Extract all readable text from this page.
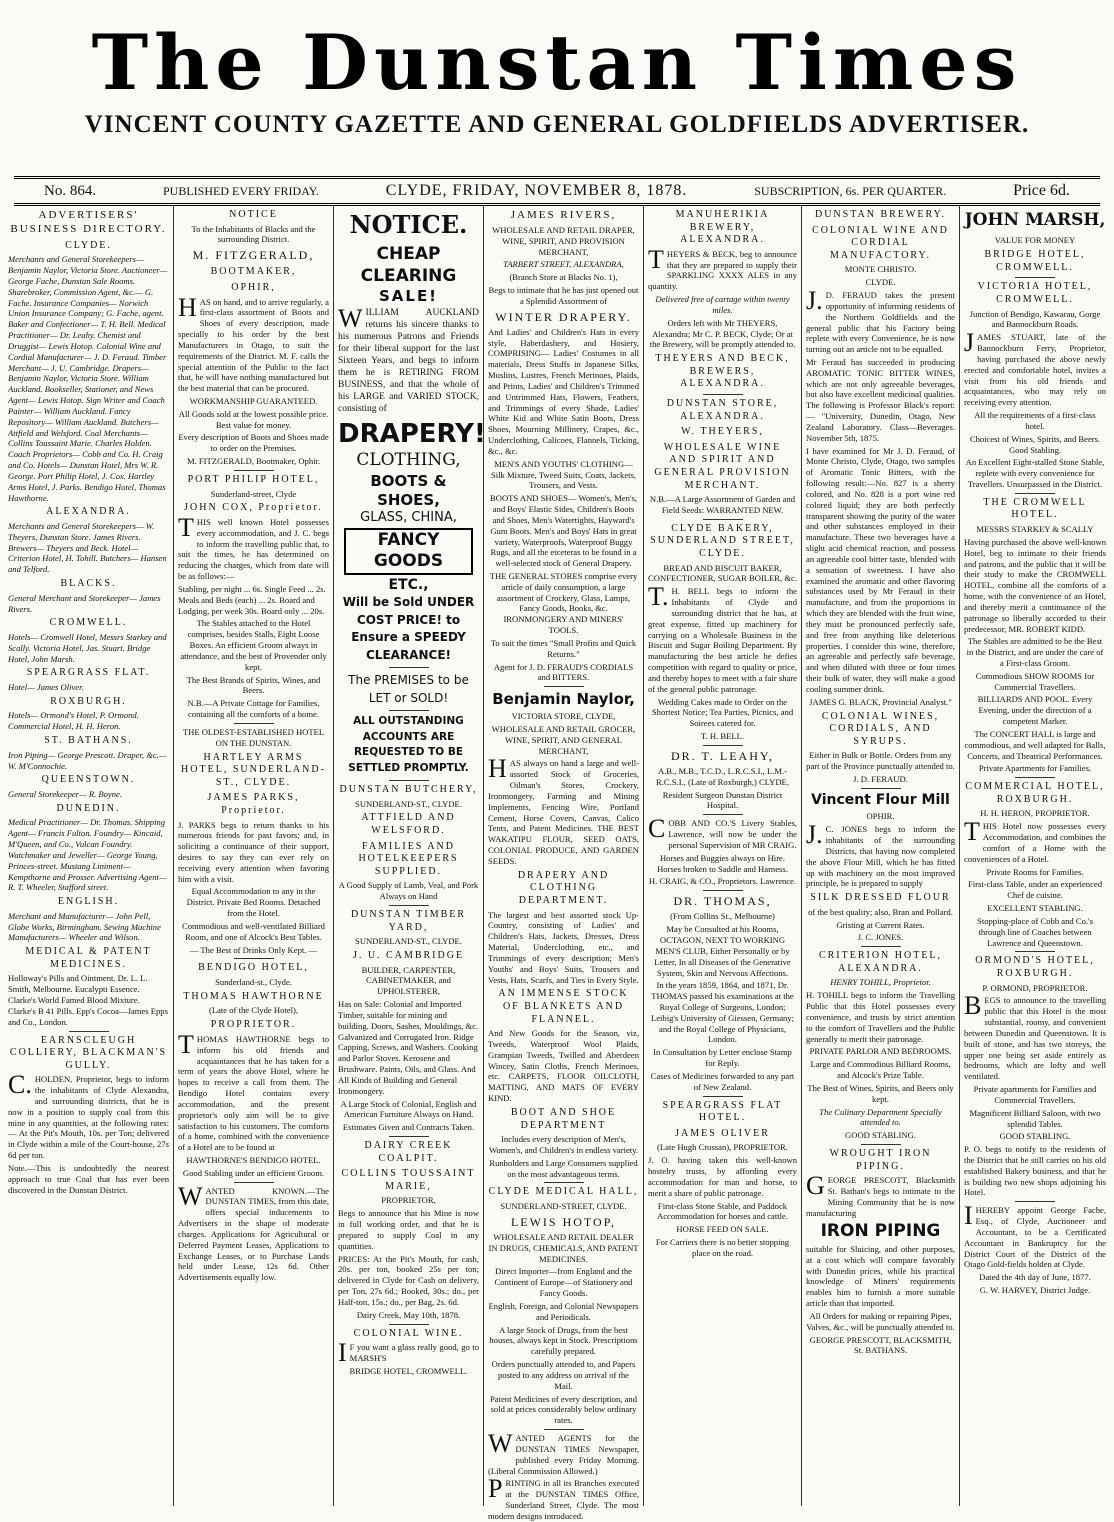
The Dunstan Times
VINCENT COUNTY GAZETTE AND GENERAL GOLDFIELDS ADVERTISER.
No. 864.	PUBLISHED EVERY FRIDAY.	CLYDE, FRIDAY, NOVEMBER 8, 1878.	SUBSCRIPTION, 6s. PER QUARTER.	Price 6d.
ADVERTISERS' BUSINESS DIRECTORY.
CLYDE.

Merchants and General Storekeepers— Benjamin Naylor, Victoria Store. Auctioneer— George Fache, Dunstan Sale Rooms. Sharebroker, Commission Agent, &c.— G. Fache. Insurance Companies— Norwich Union Insurance Company; G. Fache, agent. Baker and Confectioner— T. H. Bell. Medical Practitioner— Dr. Leahy. Chemist and Druggist— Lewis Hotop. Colonial Wine and Cordial Manufacturer— J. D. Feraud. Timber Merchant— J. U. Cambridge. Drapers— Benjamin Naylor, Victoria Store. William Auckland. Bookseller, Stationer, and News Agent— Lewis Hotop. Sign Writer and Coach Painter— William Auckland. Fancy Repository— William Auckland. Butchers— Attfield and Welsford. Coal Merchants— Collins Toussaint Marie. Charles Holden. Coach Proprietors— Cobb and Co. H. Craig and Co. Hotels— Dunstan Hotel, Mrs W. R. George. Port Philip Hotel, J. Cox. Hartley Arms Hotel, J. Parks. Bendigo Hotel, Thomas Hawthorne.

ALEXANDRA.

Merchants and General Storekeepers— W. Theyers, Dunstan Store. James Rivers. Brewers— Theyers and Beck. Hotel— Criterion Hotel, H. Tohill. Butchers— Hansen and Telford.

BLACKS.

General Merchant and Storekeeper— James Rivers.

CROMWELL.

Hotels— Cromwell Hotel, Messrs Starkey and Scally. Victoria Hotel, Jas. Stuart. Bridge Hotel, John Marsh.

SPEARGRASS FLAT.

Hotel— James Oliver.

ROXBURGH.

Hotels— Ormond's Hotel, P. Ormond. Commercial Hotel, H. H. Heron.

ST. BATHANS.

Iron Piping— George Prescott. Draper, &c.— W. M'Connochie.

QUEENSTOWN.

General Storekeeper— R. Boyne.

DUNEDIN.

Medical Practitioner— Dr. Thomas. Shipping Agent— Francis Fulton. Foundry— Kincaid, M'Queen, and Co., Vulcan Foundry. Watchmaker and Jeweller— George Young, Princes-street. Mustang Liniment— Kempthorne and Prosser. Advertising Agent— R. T. Wheeler, Stafford street.

ENGLISH.

Merchant and Manufacturer— John Pell, Globe Works, Birmingham. Sewing Machine Manufacturers— Wheeler and Wilson.

MEDICAL & PATENT MEDICINES.

Holloway's Pills and Ointment. Dr. L. L. Smith, Melbourne. Eucalypti Essence. Clarke's World Famed Blood Mixture. Clarke's B 41 Pills. Epp's Cocoa—James Epps and Co., London.

EARNSCLEUGH COLLIERY, BLACKMAN'S GULLY.

C.HOLDEN, Proprietor, begs to inform the inhabitants of Clyde Alexandra, and surrounding districts, that he is now in a position to supply coal from this mine in any quantities, at the following rates:— At the Pit's Mouth, 10s. per Ton; delivered in Clyde within a mile of the Court-house, 27s 6d per ton.

Note.—This is undoubtedly the nearest approach to true Coal that has ever been discovered in the Dunstan District.

NOTICE

To the Inhabitants of Blacks and the surrounding District.

M. FITZGERALD,
BOOTMAKER,
OPHIR,

HAS on hand, and to arrive regularly, a first-class assortment of Boots and Shoes of every description, made specially to his order by the best Manufacturers in Otago, to suit the requirements of the District. M. F. calls the special attention of the Public to the fact that, he will have nothing manufactured but the best material that can be procured.

WORKMANSHIP GUARANTEED.

All Goods sold at the lowest possible price. Best value for money.

Every description of Boots and Shoes made to order on the Premises.

M. FITZGERALD, Bootmaker, Ophir.

PORT PHILIP HOTEL,

Sunderland-street, Clyde

JOHN COX, Proprietor.

THIS well known Hotel possesses every accommodation, and J. C. begs to inform the travelling public that, to suit the times, he has determined on reducing the charges, which from date will be as follows:—

Stabling, per night ... 6s. Single Feed ... 2s. Meals and Beds (each) ... 2s. Board and Lodging, per week 30s. Board only ... 20s.

The Stables attached to the Hotel comprises, besides Stalls, Eight Loose Boxes. An efficient Groom always in attendance, and the best of Provender only kept.

The Best Brands of Spirits, Wines, and Beers.

N.B.—A Private Cottage for Families, containing all the comforts of a home.

THE OLDEST-ESTABLISHED HOTEL ON THE DUNSTAN.

HARTLEY ARMS HOTEL, SUNDERLAND-ST., CLYDE.
JAMES PARKS, Proprietor.

J. PARKS begs to return thanks to his numerous friends for past favors; and, in soliciting a continuance of their support, desires to say they can ever rely on receiving every attention when favoring him with a visit.

Equal Accommodation to any in the District. Private Bed Rooms. Detached from the Hotel.

Commodious and well-ventilated Billiard Room, and one of Alcock's Best Tables.

— The Best of Drinks Only Kept. —

BENDIGO HOTEL,

Sunderland-st., Clyde.

THOMAS HAWTHORNE

(Late of the Clyde Hotel),

PROPRIETOR.

THOMAS HAWTHORNE begs to inform his old friends and acquaintances that he has taken for a term of years the above Hotel, where he hopes to receive a call from them. The Bendigo Hotel contains every accommodation, and the present proprietor's only aim will be to give satisfaction to his customers. The comforts of a home, combined with the convenience of a Hotel are to be found at

HAWTHORNE'S BENDIGO HOTEL.

Good Stabling under an efficient Groom.

WANTED KNOWN.—The DUNSTAN TIMES, from this date, offers special inducements to Advertisers in the shape of moderate charges. Applications for Agricultural or Deferred Payment Leases, Applications to Exchange Leases, or to Purchase Lands held under Lease, 12s 6d. Other Advertisements equally low.

NOTICE.
CHEAP CLEARING
SALE!

WILLIAM AUCKLAND returns his sincere thanks to his numerous Patrons and Friends for their liberal support for the last Sixteen Years, and begs to inform them he is RETIRING FROM BUSINESS, and that the whole of his LARGE and VARIED STOCK, consisting of

DRAPERY!
CLOTHING,
BOOTS & SHOES,
GLASS, CHINA,
FANCY GOODS
ETC.,
Will be Sold UNDER COST PRICE! to Ensure a SPEEDY CLEARANCE!
The PREMISES to be LET or SOLD!
ALL OUTSTANDING ACCOUNTS ARE REQUESTED TO BE SETTLED PROMPTLY.
DUNSTAN BUTCHERY,

SUNDERLAND-ST., CLYDE.

ATTFIELD AND WELSFORD.
FAMILIES AND HOTELKEEPERS SUPPLIED.

A Good Supply of Lamb, Veal, and Pork Always on Hand

DUNSTAN TIMBER YARD,

SUNDERLAND-ST., CLYDE.

J. U. CAMBRIDGE

BUILDER, CARPENTER, CABINETMAKER, and UPHOLSTERER,

Has on Sale: Colonial and Imported Timber, suitable for mining and building. Doors, Sashes, Mouldings, &c. Galvanized and Corrugated Iron. Ridge Capping, Screws, and Washers. Cooking and Parlor Stoves. Kerosene and Brushware. Paints, Oils, and Glass. And All Kinds of Building and General Ironmongery.

A Large Stock of Colonial, English and American Furniture Always on Hand.

Estimates Given and Contracts Taken.

DAIRY CREEK COALPIT.
COLLINS TOUSSAINT MARIE,

PROPRIETOR,

Begs to announce that his Mine is now in full working order, and that he is prepared to supply Coal in any quantities.

PRICES: At the Pit's Mouth, for cash, 20s. per ton, booked 25s per ton; delivered in Clyde for Cash on delivery, per Ton, 27s 6d.; Booked, 30s.; do., per Half-ton, 15s.; do., per Bag, 2s. 6d.

Dairy Creek, May 10th, 1878.

COLONIAL WINE.

IF you want a glass really good, go to MARSH'S

BRIDGE HOTEL, CROMWELL.

JAMES RIVERS,

WHOLESALE AND RETAIL DRAPER, WINE, SPIRIT, AND PROVISION MERCHANT,

TARBERT STREET, ALEXANDRA,

(Branch Store at Blacks No. 1),

Begs to intimate that he has just opened out a Splendid Assortment of

WINTER DRAPERY.

And Ladies' and Children's Hats in every style, Haberdashery, and Hosiery, COMPRISING— Ladies' Costumes in all materials, Dress Stuffs in Japanese Silks, Muslins, Lustres, French Merinoes, Plaids, and Prints, Ladies' and Children's Trimmed and Untrimmed Hats, Flowers, Feathers, and Trimmings of every Shade, Ladies' White Kid and White Satin Boots, Dress Shoes, Mourning Millinery, Crapes, &c., Underclothing, Calicoes, Flannels, Ticking, &c., &c.

MEN'S AND YOUTHS' CLOTHING— Silk Mixture, Tweed Suits, Coats, Jackets, Trousers, and Vests.

BOOTS AND SHOES— Women's, Men's, and Boys' Elastic Sides, Children's Boots and Shoes, Men's Watertights, Hayward's Gum Boots. Men's and Boys' Hats in great variety, Waterproofs, Waterproof Buggy Rugs, and all the etceteras to be found in a well-selected stock of General Drapery.

THE GENERAL STORES comprise every article of daily consumption, a large assortment of Crockery, Glass, Lamps, Fancy Goods, Books, &c. IRONMONGERY AND MINERS' TOOLS.

To suit the times "Small Profits and Quick Returns."

Agent for J. D. FERAUD'S CORDIALS and BITTERS.

Benjamin Naylor,

VICTORIA STORE, CLYDE,

WHOLESALE AND RETAIL GROCER, WINE, SPIRIT, AND GENERAL MERCHANT,

HAS always on hand a large and well-assorted Stock of Groceries, Oilman's Stores, Crockery, Ironmongery, Farming and Mining Implements, Fencing Wire, Portland Cement, Horse Covers, Canvas, Calico Tents, and Patent Medicines. THE BEST WAKATIPU FLOUR, SEED OATS, COLONIAL PRODUCE, AND GARDEN SEEDS.

DRAPERY AND CLOTHING DEPARTMENT.

The largest and best assorted stock Up-Country, consisting of Ladies' and Children's Hats, Jackets, Dresses, Dress Material, Underclothing, etc., and Trimmings of every description; Men's Youths' and Boys' Suits, Trousers and Vests, Hats, Scarfs, and Ties in Every Style.

AN IMMENSE STOCK OF BLANKETS AND FLANNEL.

And New Goods for the Season, viz, Tweeds, Waterproof Wool Plaids, Grampian Tweeds, Twilled and Aberdeen Wincey, Satin Cloths, French Merinoes, etc. CARPETS, FLOOR OILCLOTH, MATTING, AND MATS OF EVERY KIND.

BOOT AND SHOE DEPARTMENT

Includes every description of Men's, Women's, and Children's in endless variety.

Runholders and Large Consumers supplied on the most advantageous terms.

CLYDE MEDICAL HALL,

SUNDERLAND-STREET, CLYDE.

LEWIS HOTOP,

WHOLESALE AND RETAIL DEALER IN DRUGS, CHEMICALS, AND PATENT MEDICINES.

Direct Importer—from England and the Continent of Europe—of Stationery and Fancy Goods.

English, Foreign, and Colonial Newspapers and Periodicals.

A large Stock of Drugs, from the best houses, always kept in Stock. Prescriptions carefully prepared.

Orders punctually attended to, and Papers posted to any address on arrival of the Mail.

Patent Medicines of every description, and sold at prices considerably below ordinary rates.

WANTED AGENTS for the DUNSTAN TIMES Newspaper, published every Friday Morning. (Liberal Commission Allowed.)

PRINTING in all its Branches executed at the DUNSTAN TIMES Office, Sunderland Street, Clyde. The most modern designs introduced.

MANUHERIKIA BREWERY, ALEXANDRA.

THEYERS & BECK, beg to announce that they are prepared to supply their SPARKLING XXXX ALES in any quantity.

Delivered free of cartage within twenty miles.

Orders left with Mr THEYERS, Alexandra; Mr C. P. BECK, Clyde; Or at the Brewery, will be promptly attended to.

THEYERS AND BECK, BREWERS, ALEXANDRA.
DUNSTAN STORE, ALEXANDRA.
W. THEYERS,
WHOLESALE WINE AND SPIRIT AND GENERAL PROVISION MERCHANT.

N.B.—A Large Assortment of Garden and Field Seeds: WARRANTED NEW.

CLYDE BAKERY, SUNDERLAND STREET, CLYDE.

BREAD AND BISCUIT BAKER, CONFECTIONER, SUGAR BOILER, &c.

T.H. BELL begs to inform the Inhabitants of Clyde and surrounding district that he has, at great expense, fitted up machinery for carrying on a Wholesale Business in the Biscuit and Sugar Boiling Department. By manufacturing the best article he defies competition with regard to quality or price, and thereby hopes to meet with a fair share of the general public patronage.

Wedding Cakes made to Order on the Shortest Notice; Tea Parties, Picnics, and Soirees catered for.

T. H. BELL.

DR. T. LEAHY,

A.B., M.B., T.C.D., L.R.C.S.I., L.M.-R.C.S.I., (Late of Roxburgh,) CLYDE.

Resident Surgeon Dunstan District Hospital.

COBB AND CO.'S Livery Stables, Lawrence, will now be under the personal Supervision of MR CRAIG.

Horses and Buggies always on Hire. Horses broken to Saddle and Harness.

H. CRAIG, & CO., Proprietors. Lawrence.

DR. THOMAS,

(From Collins St., Melbourne)

May be Consulted at his Rooms, OCTAGON, NEXT TO WORKING MEN'S CLUB, Either Personally or by Letter, In all Diseases of the Generative System, Skin and Nervous Affections.

In the years 1859, 1864, and 1871, Dr. THOMAS passed his examinations at the Royal College of Surgeons, London; Leibig's University of Giessen, Germany; and the Royal College of Physicians, London.

In Consultation by Letter enclose Stamp for Reply.

Cases of Medicines forwarded to any part of New Zealand.

SPEARGRASS FLAT HOTEL.
JAMES OLIVER

(Late Hugh Crossan), PROPRIETOR.

J. O. having taken this well-known hostelry trusts, by affording every accommodation for man and horse, to merit a share of public patronage.

First-class Stone Stable, and Paddock Accommodation for horses and cattle.

HORSE FEED ON SALE.

For Carriers there is no better stopping place on the road.

DUNSTAN BREWERY.
COLONIAL WINE AND CORDIAL MANUFACTORY.

MONTE CHRISTO.

CLYDE.

J.D. FERAUD takes the present opportunity of informing residents of the Northern Goldfields and the general public that his Factory being replete with every Convenience, he is now turning out an article not to be equalled.

Mr Feraud has succeeded in producing AROMATIC TONIC BITTER WINES, which are not only agreeable beverages, but also have excellent medicinal qualities. The following is Professor Black's report:— "University, Dunedin, Otago, New Zealand Laboratory. Class—Beverages. November 5th, 1875.

I have examined for Mr J. D. Feraud, of Monte Christo, Clyde, Otago, two samples of Aromatic Tonic Bitters, with the following result:—No. 827 is a sherry colored, and No. 828 is a port wine red colored liquid; they are both perfectly transparent showing the purity of the water and other substances employed in their manufacture. These two beverages have a slight acid chemical reaction, and possess an agreeable cool bitter taste, blended with a sensation of sweetness. I have also examined the aromatic and other flavoring substances used by Mr Feraud in their manufacture, and from the proportions in which they are blended with the fruit wine, they must be pronounced perfectly safe, and free from anything like deleterious properties. I consider this wine, therefore, an agreeable and perfectly safe beverage, and when diluted with three or four times their bulk of water, they will make a good cooling summer drink.

JAMES G. BLACK, Provincial Analyst."

COLONIAL WINES, CORDIALS, AND SYRUPS.

Either in Bulk or Bottle. Orders from any part of the Province punctually attended to.

J. D. FERAUD.

Vincent Flour Mill

OPHIR.

J.C. JONES begs to inform the inhabitants of the surrounding Districts, that having now completed the above Flour Mill, which he has fitted up with machinery on the most improved principle, he is prepared to supply

SILK DRESSED FLOUR

of the best quality; also, Bran and Pollard.

Gristing at Current Rates.

J. C. JONES.

CRITERION HOTEL, ALEXANDRA.

HENRY TOHILL, Proprietor.

H. TOHILL begs to inform the Travelling Public that this Hotel possesses every convenience, and trusts by strict attention to the comfort of Travellers and the Public generally to merit their patronage.

PRIVATE PARLOR AND BEDROOMS.

Large and Commodious Billiard Rooms, and Alcock's Prize Table.

The Best of Wines, Spirits, and Beers only kept.

The Culinary Department Specially attended to.

GOOD STABLING.

WROUGHT IRON PIPING.

GEORGE PRESCOTT, Blacksmith St. Bathan's begs to intimate to the Mining Community that he is now manufacturing

IRON PIPING

suitable for Sluicing, and other purposes, at a cost which will compare favorably with Dunedin prices, while his practical knowledge of Miners' requirements enables him to furnish a more suitable article than that imported.

All Orders for making or repairing Pipes, Valves, &c., will be punctually attended to.

GEORGE PRESCOTT, BLACKSMITH, St. BATHANS.

JOHN MARSH,

VALUE FOR MONEY

BRIDGE HOTEL, CROMWELL.
VICTORIA HOTEL, CROMWELL.

Junction of Bendigo, Kawarau, Gorge and Bannockburn Roads.

JAMES STUART, late of the Bannockburn Ferry, Proprietor, having purchased the above newly erected and comfortable hotel, invites a visit from his old friends and acquaintances, who may rely on receiving every attention.

All the requirements of a first-class hotel.

Choicest of Wines, Spirits, and Beers. Good Stabling.

An Excellent Eight-stalled Stone Stable, replete with every convenience for Travellers. Unsurpassed in the District.

THE CROMWELL HOTEL.

MESSRS STARKEY & SCALLY

Having purchased the above well-known Hotel, beg to intimate to their friends and patrons, and the public that it will be their study to make the CROMWELL HOTEL, combine all the comforts of a home, with the convenience of an Hotel, and thereby merit a continuance of the patronage so liberally accorded to their predecessor, MR. ROBERT KIDD.

The Stables are admitted to be the Best in the District, and are under the care of a First-class Groom.

Commodious SHOW ROOMS for Commercial Travellers.

BILLIARDS AND POOL. Every Evening, under the direction of a competent Marker.

The CONCERT HALL is large and commodious, and well adapted for Balls, Concerts, and Theatrical Performances.

Private Apartments for Families.

COMMERCIAL HOTEL, ROXBURGH.

H. H. HERON, PROPRIETOR.

THIS Hotel now possesses every Accommodation, and combines the comfort of a Home with the conveniences of a Hotel.

Private Rooms for Families.

First-class Table, under an experienced Chef de cuisine.

EXCELLENT STABLING.

Stopping-place of Cobb and Co.'s through line of Coaches between Lawrence and Queenstown.

ORMOND'S HOTEL, ROXBURGH.

P. ORMOND, PROPRIETOR.

BEGS to announce to the travelling public that this Hotel is the most substantial, roomy, and convenient between Dunedin and Queenstown. It is built of stone, and has two storeys, the upper one being set aside entirely as bedrooms, which are lofty and well ventilated.

Private apartments for Families and Commercial Travellers.

Magnificent Billiard Saloon, with two splendid Tables.

GOOD STABLING.

P. O. begs to notify to the residents of the District that he still carries on his old established Bakery business, and that he is building two new shops adjoining his Hotel.

IHEREBY appoint George Fache, Esq., of Clyde, Auctioneer and Accountant, to be a Certificated Accountant in Bankruptcy for the District Court of the District of the Otago Gold-fields holden at Clyde.

Dated the 4th day of June, 1877.

G. W. HARVEY, District Judge.
